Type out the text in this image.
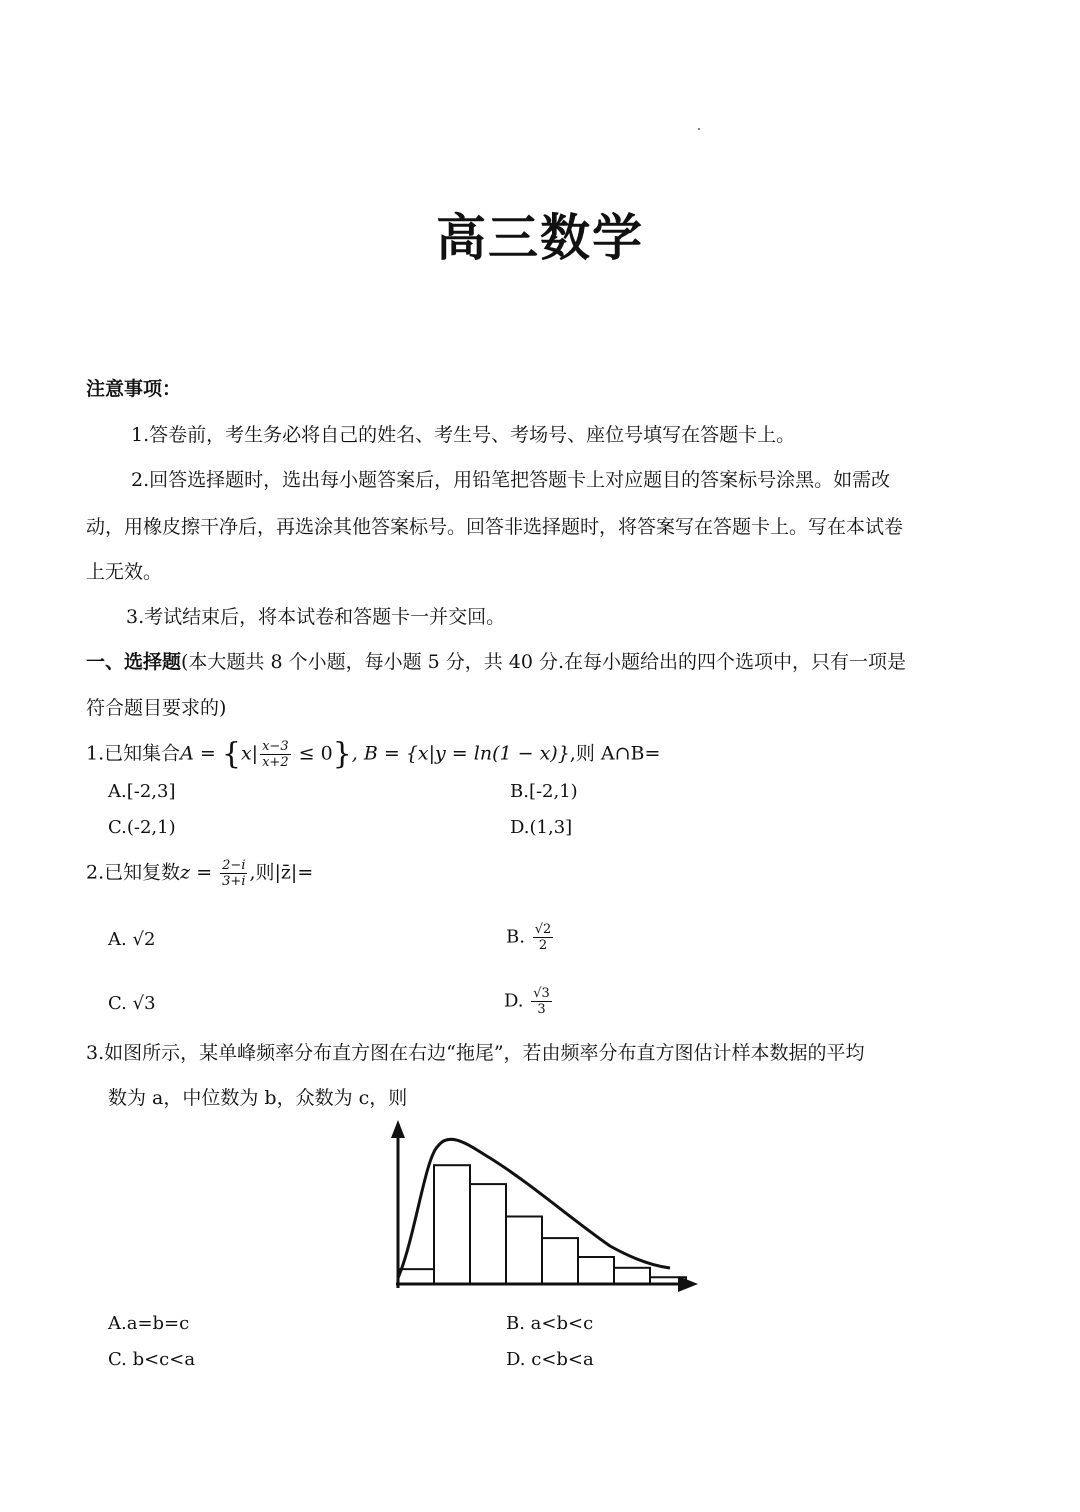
高三数学
注意事项：
1.答卷前，考生务必将自己的姓名、考生号、考场号、座位号填写在答题卡上。
2.回答选择题时，选出每小题答案后，用铅笔把答题卡上对应题目的答案标号涂黑。如需改
动，用橡皮擦干净后，再选涂其他答案标号。回答非选择题时，将答案写在答题卡上。写在本试卷
上无效。
3.考试结束后，将本试卷和答题卡一并交回。
一、选择题(本大题共 8 个小题，每小题 5 分，共 40 分.在每小题给出的四个选项中，只有一项是
符合题目要求的)
1.已知集合$A = \{x| \frac{x-3}{x+2} \le 0\}$, B = {x|y = ln(1 − x)},则 A∩B=
A.[-2,3]	B.[-2,1)
C.(-2,1)	D.(1,3]
2.已知复数$z = \frac{2-i}{3+i}$ ,则|z̄|=
A. √2	B. $\frac{√2}{2}$
C. √3	D. $\frac{√3}{3}$
3.如图所示，某单峰频率分布直方图在右边“拖尾”，若由频率分布直方图估计样本数据的平均
数为 a，中位数为 b，众数为 c，则
A.a=b=c	B. a<b<c
C. b<c<a	D. c<b<a
